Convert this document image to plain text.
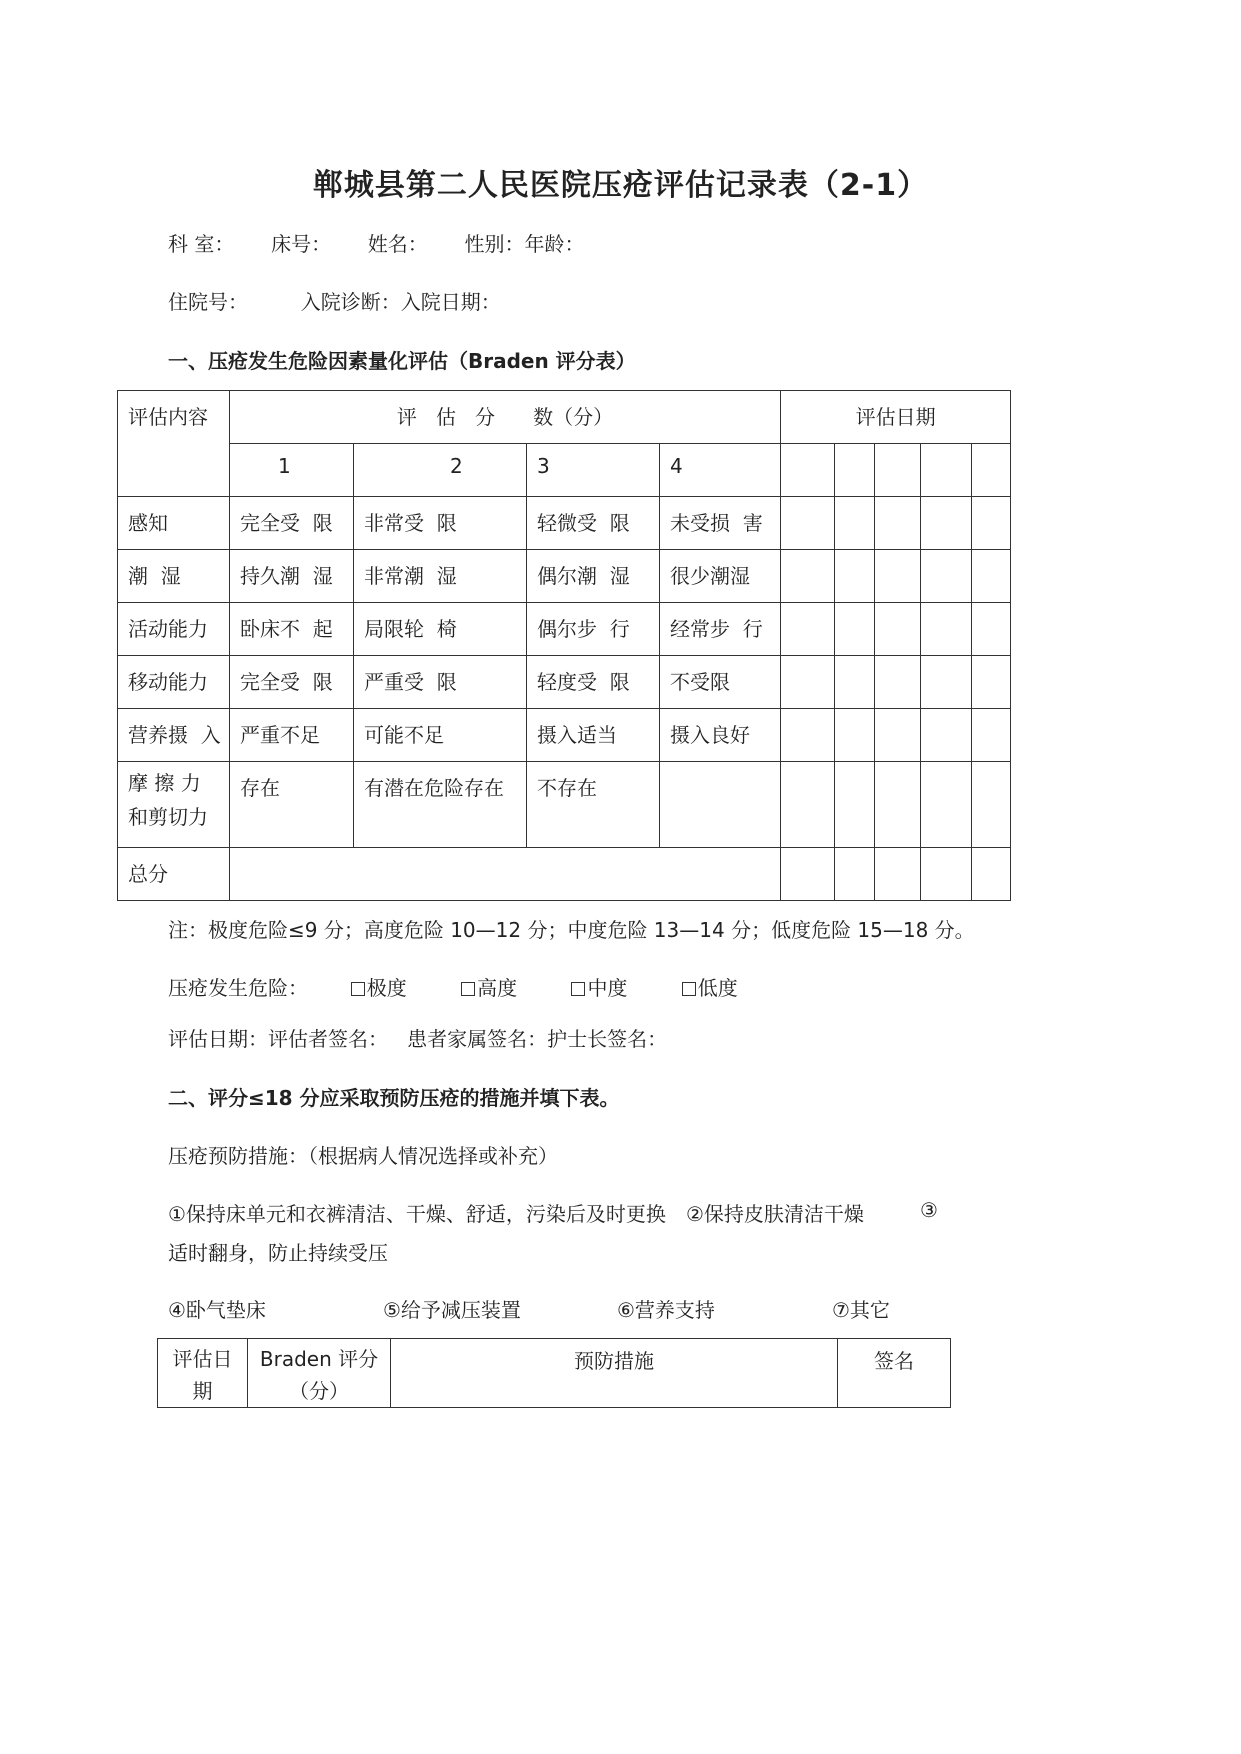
郸城县第二人民医院压疮评估记录表（2-1）
科 室： 床号： 姓名： 性别：年龄：
住院号：	入院诊断：入院日期：
一、压疮发生危险因素量化评估（Braden 评分表）
评估内容	评   估   分      数（分）				评估日期				
	1	2	3	4					
感知	完全受  限	非常受  限	轻微受  限	未受损  害					
潮  湿	持久潮  湿	非常潮  湿	偶尔潮  湿	很少潮湿					
活动能力	卧床不  起	局限轮  椅	偶尔步  行	经常步  行					
移动能力	完全受  限	严重受  限	轻度受  限	不受限					
营养摄  入	严重不足	可能不足	摄入适当	摄入良好					
摩 擦 力 和剪切力	存在	有潜在危险存在	不存在						
总分									
注：极度危险≤9 分；高度危险 10—12 分；中度危险 13—14 分；低度危险 15—18 分。
压疮发生危险：	极度	高度	中度	低度
评估日期：评估者签名：   患者家属签名：护士长签名：
二、评分≤18 分应采取预防压疮的措施并填下表。
压疮预防措施：（根据病人情况选择或补充）
①保持床单元和衣裤清洁、干燥、舒适，污染后及时更换 ②保持皮肤清洁干燥	③
适时翻身，防止持续受压
④卧气垫床	⑤给予减压装置	⑥营养支持	⑦其它
评估日期	Braden 评分（分）	预防措施	签名
